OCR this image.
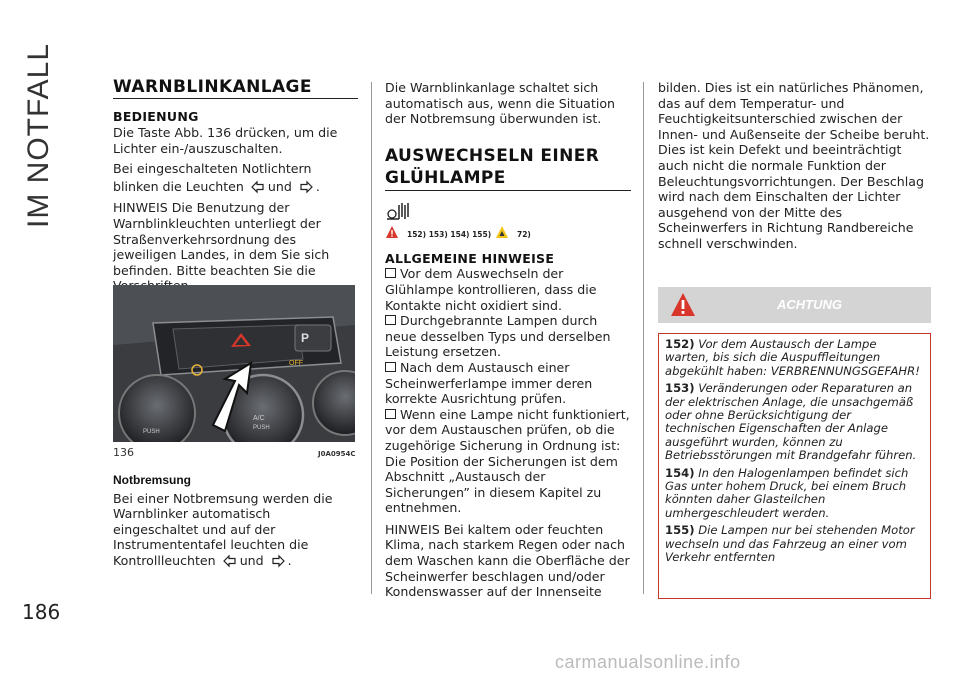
IM NOTFALL
186
WARNBLINKANLAGE
BEDIENUNG

Die Taste Abb. 136 drücken, um die Lichter ein-/auszuschalten.

Bei eingeschalteten Notlichtern blinken die Leuchten und .

HINWEIS Die Benutzung der Warnblinkleuchten unterliegt der Straßenverkehrsordnung des jeweiligen Landes, in dem Sie sich befinden. Bitte beachten Sie die

P
OFF
A/C
PUSH
PUSH
136	J0A0954C
Notbremsung

Bei einer Notbremsung werden die Warnblinker automatisch eingeschaltet und auf der Instrumententafel leuchten die Kontrollleuchten und .

Die Warnblinkanlage schaltet sich automatisch aus, wenn die Situation der Notbremsung überwunden ist.

AUSWECHSELN EINER
GLÜHLAMPE
152) 153) 154) 155)	72)
ALLGEMEINE HINWEISE

Vor dem Auswechseln der Glühlampe kontrollieren, dass die Kontakte nicht oxidiert sind.

Durchgebrannte Lampen durch neue desselben Typs und derselben Leistung ersetzen.

Nach dem Austausch einer Scheinwerferlampe immer deren korrekte Ausrichtung prüfen.

Wenn eine Lampe nicht funktioniert, vor dem Austauschen prüfen, ob die zugehörige Sicherung in Ordnung ist: Die Position der Sicherungen ist dem Abschnitt „Austausch der Sicherungen” in diesem Kapitel zu entnehmen.

HINWEIS Bei kaltem oder feuchten Klima, nach starkem Regen oder nach dem Waschen kann die Oberfläche der Scheinwerfer beschlagen und/oder Kondenswasser auf der Innenseite

bilden. Dies ist ein natürliches Phänomen, das auf dem Temperatur- und Feuchtigkeitsunterschied zwischen der Innen- und Außenseite der Scheibe beruht. Dies ist kein Defekt und beeinträchtigt auch nicht die normale Funktion der Beleuchtungsvorrichtungen. Der Beschlag wird nach dem Einschalten der Lichter ausgehend von der Mitte des Scheinwerfers in Richtung Randbereiche schnell verschwinden.

ACHTUNG
152) Vor dem Austausch der Lampe warten, bis sich die Auspuffleitungen abgekühlt haben: VERBRENNUNGSGEFAHR!
153) Veränderungen oder Reparaturen an der elektrischen Anlage, die unsachgemäß oder ohne Berücksichtigung der technischen Eigenschaften der Anlage ausgeführt wurden, können zu Betriebsstörungen mit Brandgefahr führen.
154) In den Halogenlampen befindet sich Gas unter hohem Druck, bei einem Bruch könnten daher Glasteilchen umhergeschleudert werden.
155) Die Lampen nur bei stehenden Motor wechseln und das Fahrzeug an einer vom Verkehr entfernten
carmanualsonline.info
